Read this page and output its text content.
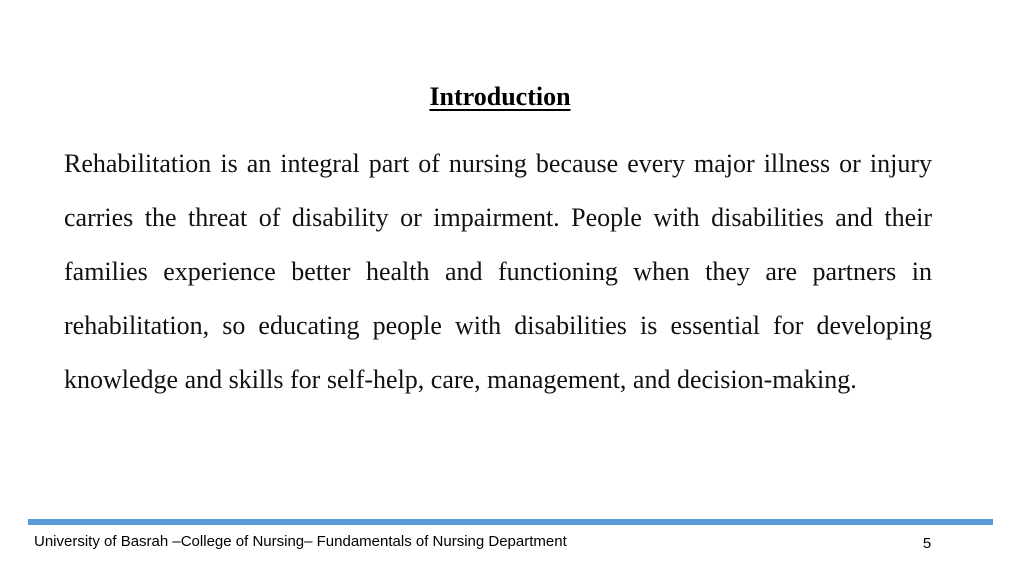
Introduction

Rehabilitation is an integral part of nursing because every major illness or injury carries the threat of disability or impairment. People with disabilities and their families experience better health and functioning when they are partners in rehabilitation, so educating people with disabilities is essential for developing knowledge and skills for self-help, care, management, and decision-making.

University of Basrah –College of Nursing– Fundamentals of Nursing Department	5
